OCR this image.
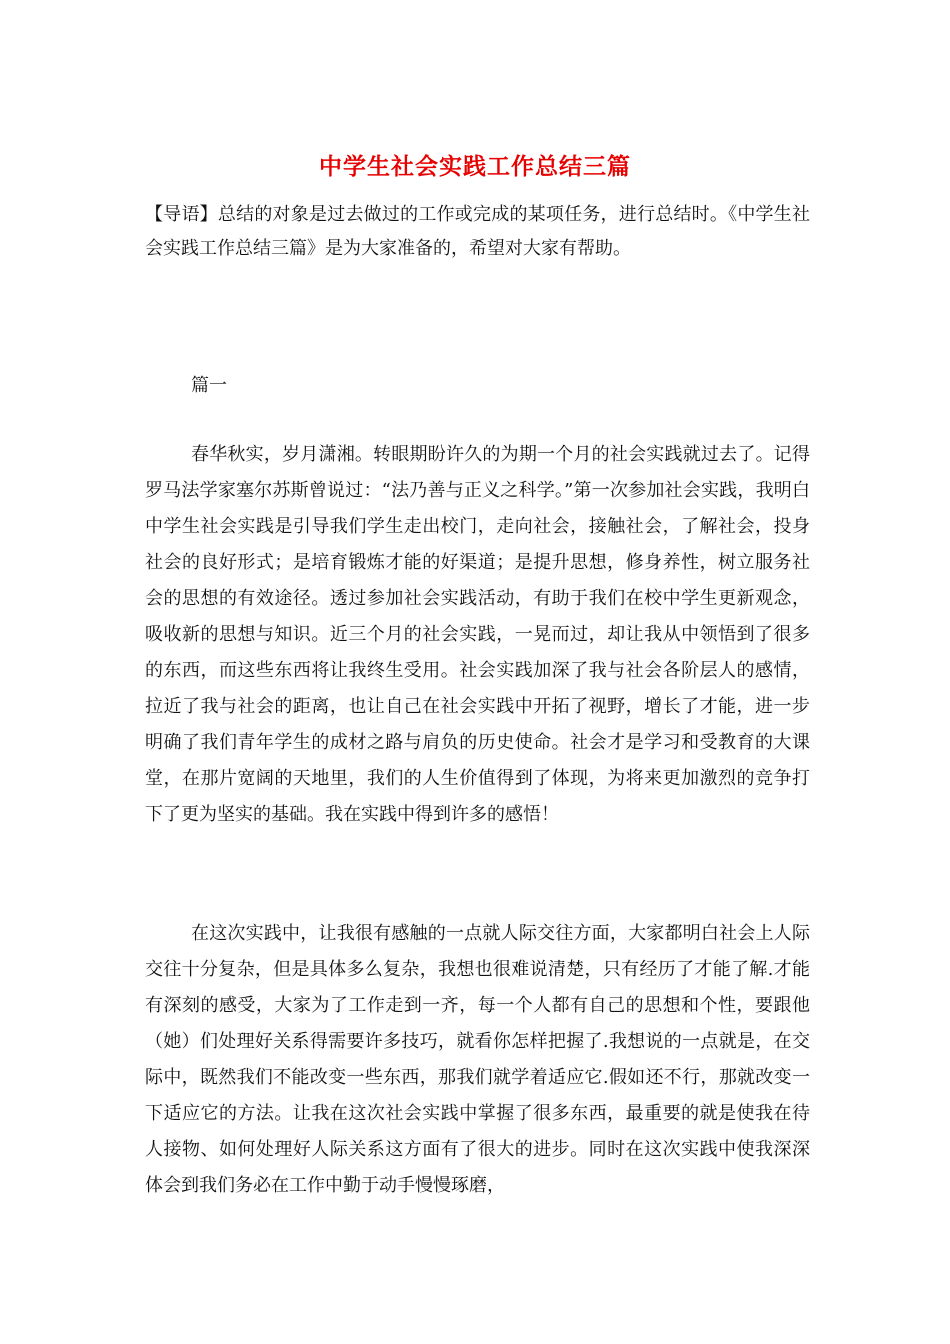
中学生社会实践工作总结三篇

【导语】总结的对象是过去做过的工作或完成的某项任务，进行总结时。《中学生社会实践工作总结三篇》是为大家准备的，希望对大家有帮助。

篇一

春华秋实，岁月潇湘。转眼期盼许久的为期一个月的社会实践就过去了。记得罗马法学家塞尔苏斯曾说过：“法乃善与正义之科学。”第一次参加社会实践，我明白中学生社会实践是引导我们学生走出校门，走向社会，接触社会，了解社会，投身社会的良好形式；是培育锻炼才能的好渠道；是提升思想，修身养性，树立服务社会的思想的有效途径。透过参加社会实践活动，有助于我们在校中学生更新观念，吸收新的思想与知识。近三个月的社会实践，一晃而过，却让我从中领悟到了很多的东西，而这些东西将让我终生受用。社会实践加深了我与社会各阶层人的感情，拉近了我与社会的距离，也让自己在社会实践中开拓了视野，增长了才能，进一步明确了我们青年学生的成材之路与肩负的历史使命。社会才是学习和受教育的大课堂，在那片宽阔的天地里，我们的人生价值得到了体现，为将来更加激烈的竞争打下了更为坚实的基础。我在实践中得到许多的感悟！

在这次实践中，让我很有感触的一点就人际交往方面，大家都明白社会上人际交往十分复杂，但是具体多么复杂，我想也很难说清楚，只有经历了才能了解.才能有深刻的感受，大家为了工作走到一齐，每一个人都有自己的思想和个性，要跟他（她）们处理好关系得需要许多技巧，就看你怎样把握了.我想说的一点就是，在交际中，既然我们不能改变一些东西，那我们就学着适应它.假如还不行，那就改变一下适应它的方法。让我在这次社会实践中掌握了很多东西，最重要的就是使我在待人接物、如何处理好人际关系这方面有了很大的进步。同时在这次实践中使我深深体会到我们务必在工作中勤于动手慢慢琢磨，
